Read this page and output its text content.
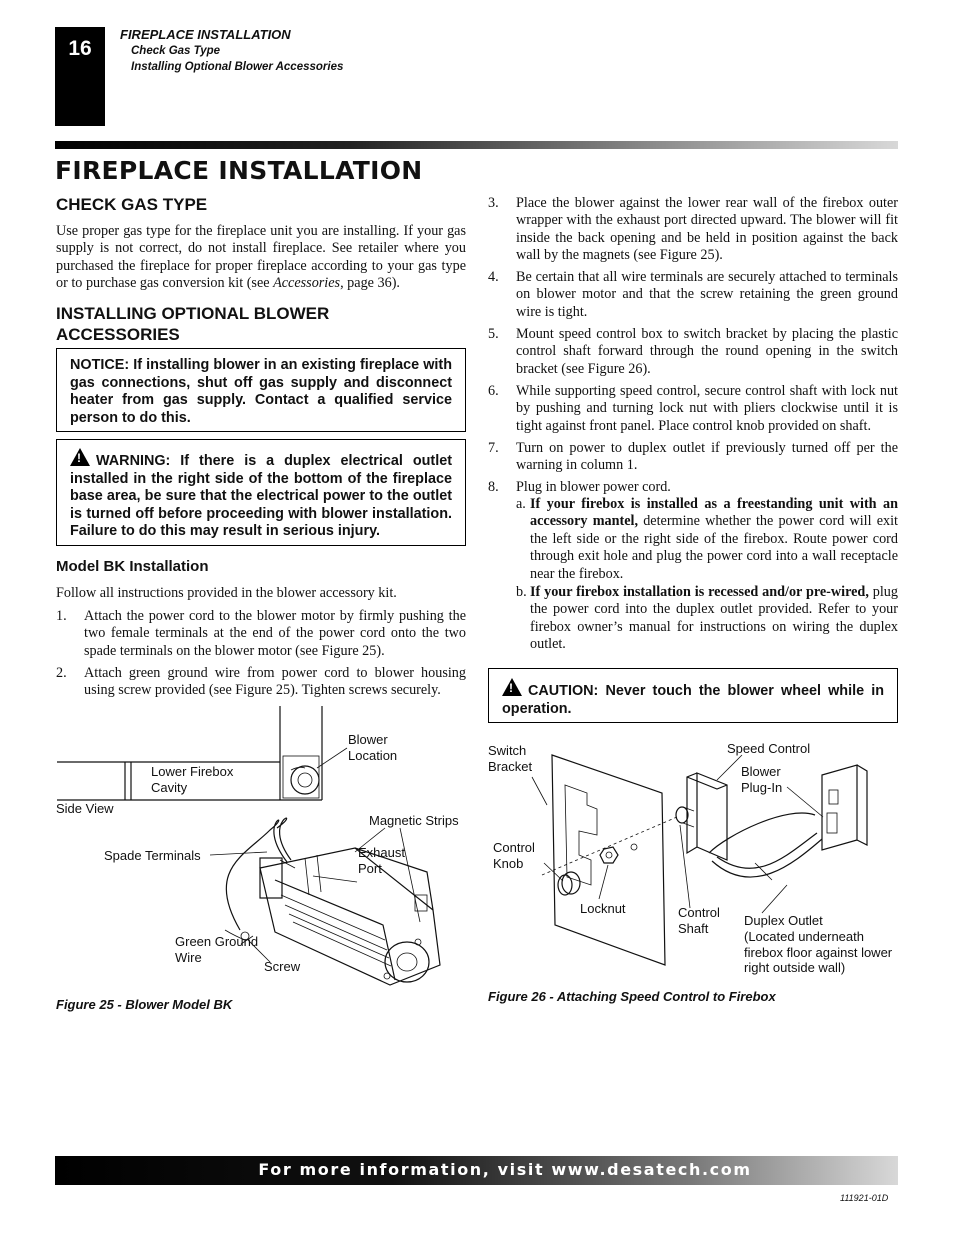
16
FIREPLACE INSTALLATION
Check Gas Type
Installing Optional Blower Accessories
FIREPLACE INSTALLATION
CHECK GAS TYPE
Use proper gas type for the fireplace unit you are installing. If your gas supply is not correct, do not install fireplace. See retailer where you purchased the fireplace for proper fireplace according to your gas type or to purchase gas conversion kit (see Accessories, page 36).
INSTALLING OPTIONAL BLOWER ACCESSORIES
NOTICE: If installing blower in an existing fireplace with gas connections, shut off gas supply and disconnect heater from gas supply. Contact a qualified service person to do this.
!WARNING: If there is a duplex electrical outlet installed in the right side of the bottom of the fireplace base area, be sure that the electrical power to the outlet is turned off before proceeding with blower installation. Failure to do this may result in serious injury.
Model BK Installation
Follow all instructions provided in the blower accessory kit.
1. Attach the power cord to the blower motor by firmly pushing the two female terminals at the end of the power cord onto the two spade terminals on the blower motor (see Figure 25).
2. Attach green ground wire from power cord to blower housing using screw provided (see Figure 25). Tighten screws securely.
Blower Location
Lower Firebox Cavity
Side View
Magnetic Strips
Spade Terminals	Exhaust Port
Green Ground Wire
Screw
Figure 25 - Blower Model BK
3. Place the blower against the lower rear wall of the firebox outer wrapper with the exhaust port directed upward. The blower will fit inside the back opening and be held in position against the back wall by the magnets (see Figure 25).
4. Be certain that all wire terminals are securely attached to terminals on blower motor and that the screw retaining the green ground wire is tight.
5. Mount speed control box to switch bracket by placing the plastic control shaft forward through the round opening in the switch bracket (see Figure 26).
6. While supporting speed control, secure control shaft with lock nut by pushing and turning lock nut with pliers clockwise until it is tight against front panel. Place control knob provided on shaft.
7. Turn on power to duplex outlet if previously turned off per the warning in column 1.
8. Plug in blower power cord.
a. If your firebox is installed as a freestanding unit with an accessory mantel, determine whether the power cord will exit the left side or the right side of the firebox. Route power cord through exit hole and plug the power cord into a wall receptacle near the firebox.
b. If your firebox installation is recessed and/or pre-wired, plug the power cord into the duplex outlet provided. Refer to your firebox owner’s manual for instructions on wiring the duplex outlet.
!CAUTION: Never touch the blower wheel while in operation.
Switch Bracket
Speed Control
Blower Plug-In
Control Knob
Locknut	Control Shaft	Duplex Outlet
(Located underneath firebox floor against lower right outside wall)
Figure 26 - Attaching Speed Control to Firebox
For more information, visit www.desatech.com
111921-01D
